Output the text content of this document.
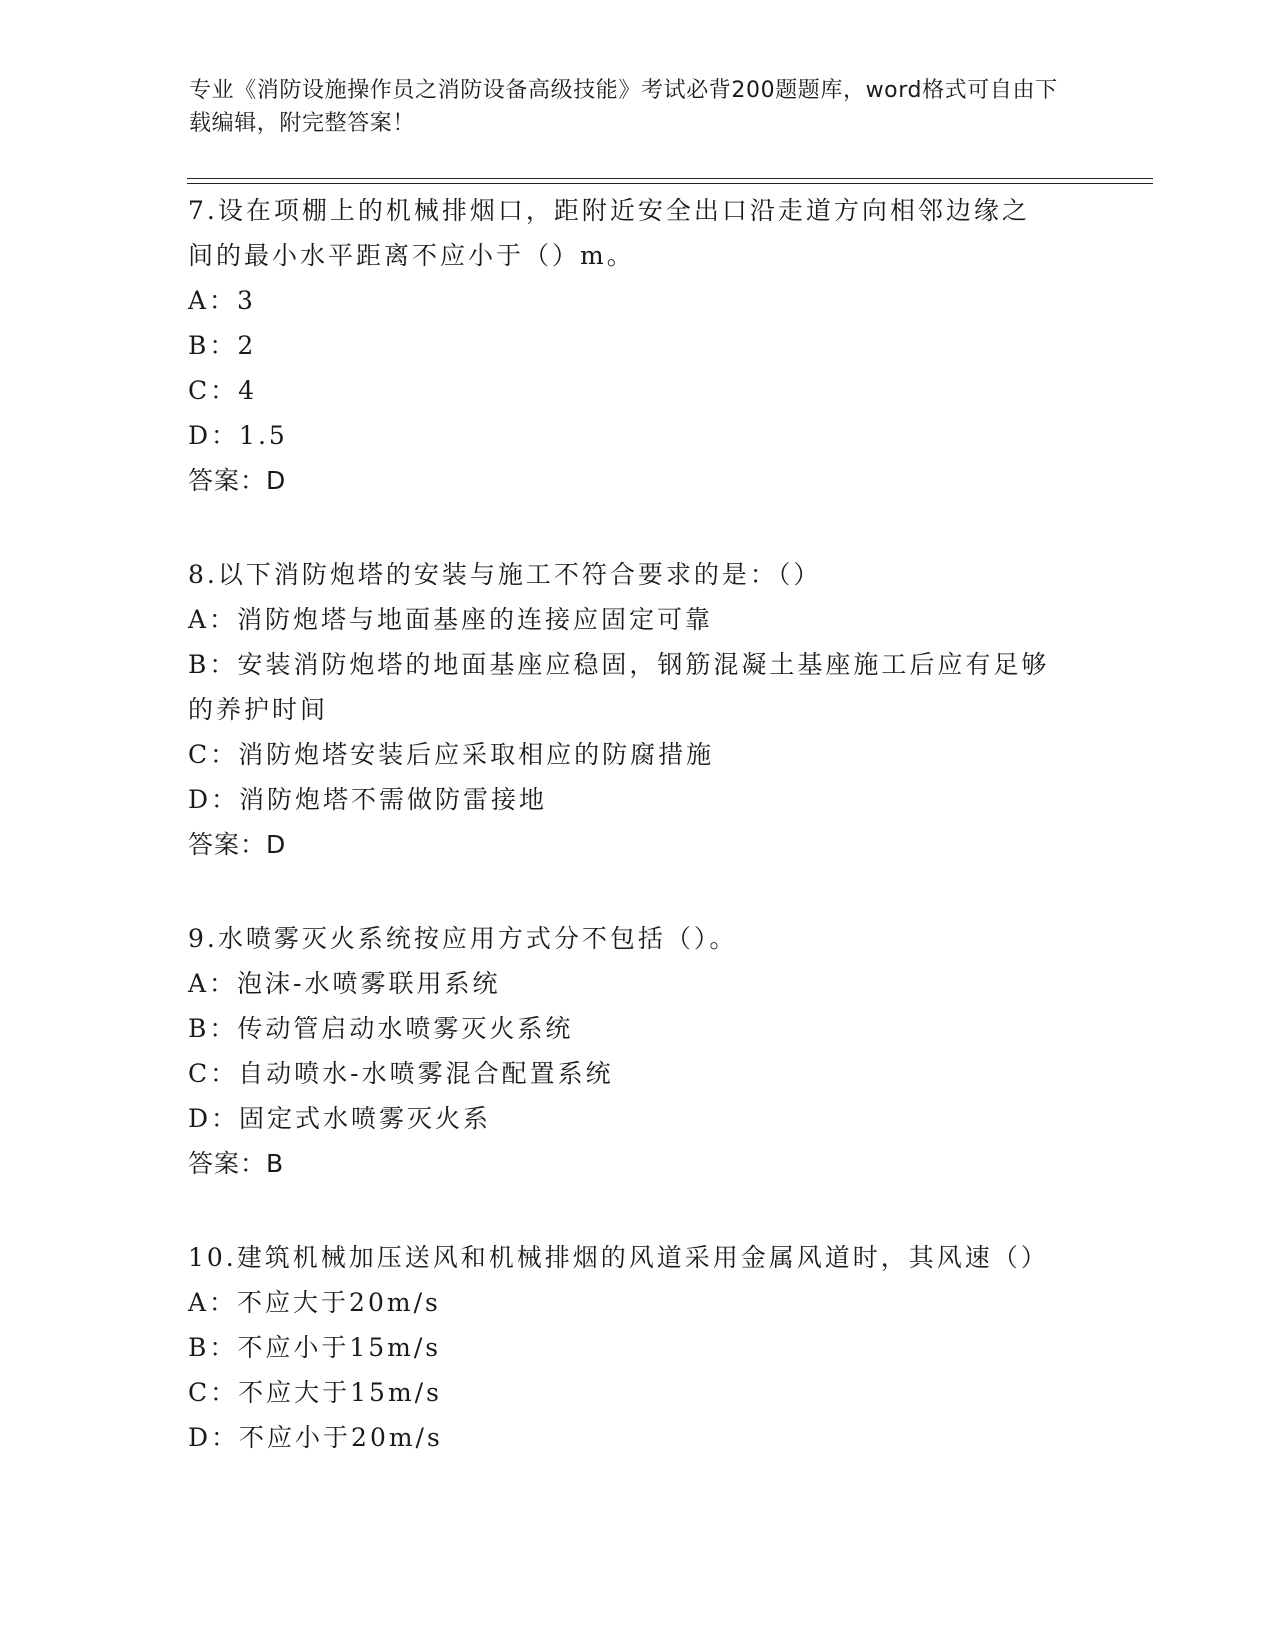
专业《消防设施操作员之消防设备高级技能》考试必背200题题库，word格式可自由下载编辑，附完整答案！
7.设在项棚上的机械排烟口，距附近安全出口沿走道方向相邻边缘之
间的最小水平距离不应小于（）m。
A：3
B：2
C：4
D：1.5
答案：D
8.以下消防炮塔的安装与施工不符合要求的是：（）
A：消防炮塔与地面基座的连接应固定可靠
B：安装消防炮塔的地面基座应稳固，钢筋混凝土基座施工后应有足够
的养护时间
C：消防炮塔安装后应采取相应的防腐措施
D：消防炮塔不需做防雷接地
答案：D
9.水喷雾灭火系统按应用方式分不包括（）。
A：泡沫-水喷雾联用系统
B：传动管启动水喷雾灭火系统
C：自动喷水-水喷雾混合配置系统
D：固定式水喷雾灭火系
答案：B
10.建筑机械加压送风和机械排烟的风道采用金属风道时，其风速（）
A：不应大于20m/s
B：不应小于15m/s
C：不应大于15m/s
D：不应小于20m/s
